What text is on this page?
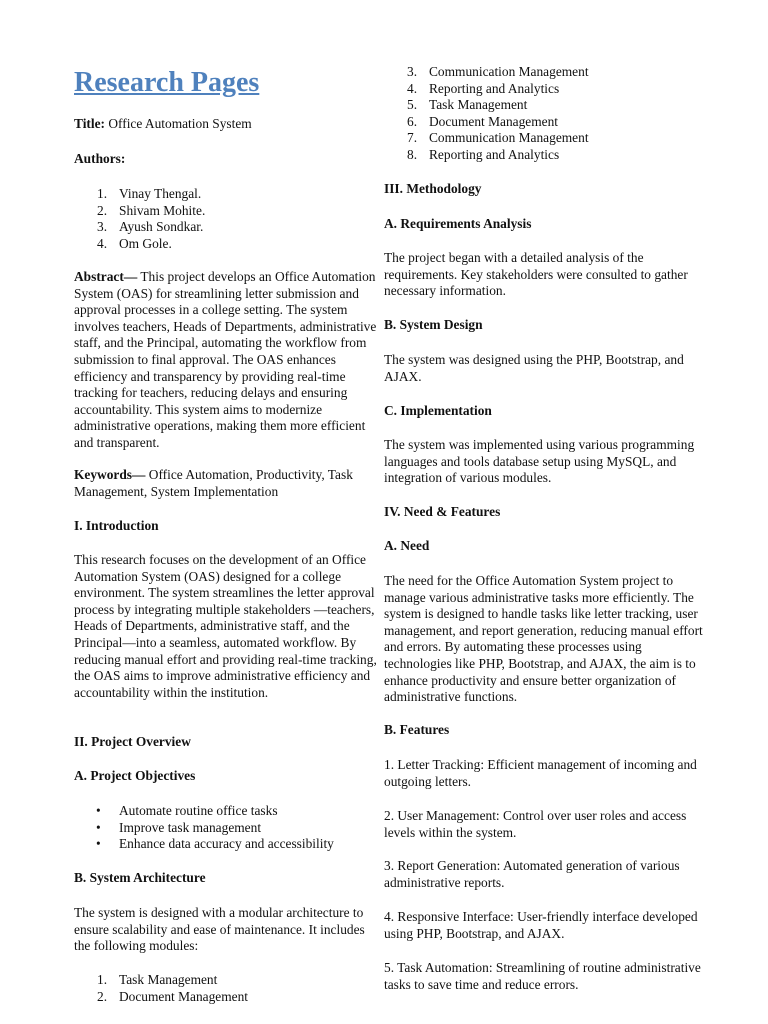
Research Pages

Title: Office Automation System

Authors:

1. Vinay Thengal.
2. Shivam Mohite.
3. Ayush Sondkar.
4. Om Gole.

Abstract— This project develops an Office Automation System (OAS) for streamlining letter submission and approval processes in a college setting. The system involves teachers, Heads of Departments, administrative staff, and the Principal, automating the workflow from submission to final approval. The OAS enhances efficiency and transparency by providing real-time tracking for teachers, reducing delays and ensuring accountability. This system aims to modernize administrative operations, making them more efficient and transparent.

Keywords— Office Automation, Productivity, Task Management, System Implementation

I. Introduction

This research focuses on the development of an Office Automation System (OAS) designed for a college environment. The system streamlines the letter approval process by integrating multiple stakeholders —teachers, Heads of Departments, administrative staff, and the Principal—into a seamless, automated workflow. By reducing manual effort and providing real-time tracking, the OAS aims to improve administrative efficiency and accountability within the institution.

II. Project Overview

A. Project Objectives

• Automate routine office tasks
• Improve task management
• Enhance data accuracy and accessibility

B. System Architecture

The system is designed with a modular architecture to ensure scalability and ease of maintenance. It includes the following modules:

1. Task Management
2. Document Management
3. Communication Management
4. Reporting and Analytics
5. Task Management
6. Document Management
7. Communication Management
8. Reporting and Analytics

III. Methodology

A. Requirements Analysis

The project began with a detailed analysis of the requirements. Key stakeholders were consulted to gather necessary information.

B. System Design

The system was designed using the PHP, Bootstrap, and AJAX.

C. Implementation

The system was implemented using various programming languages and tools database setup using MySQL, and integration of various modules.

IV. Need & Features

A. Need

The need for the Office Automation System project to manage various administrative tasks more efficiently. The system is designed to handle tasks like letter tracking, user management, and report generation, reducing manual effort and errors. By automating these processes using technologies like PHP, Bootstrap, and AJAX, the aim is to enhance productivity and ensure better organization of administrative functions.

B. Features

1. Letter Tracking: Efficient management of incoming and outgoing letters.

2. User Management: Control over user roles and access levels within the system.

3. Report Generation: Automated generation of various administrative reports.

4. Responsive Interface: User-friendly interface developed using PHP, Bootstrap, and AJAX.

5. Task Automation: Streamlining of routine administrative tasks to save time and reduce errors.
